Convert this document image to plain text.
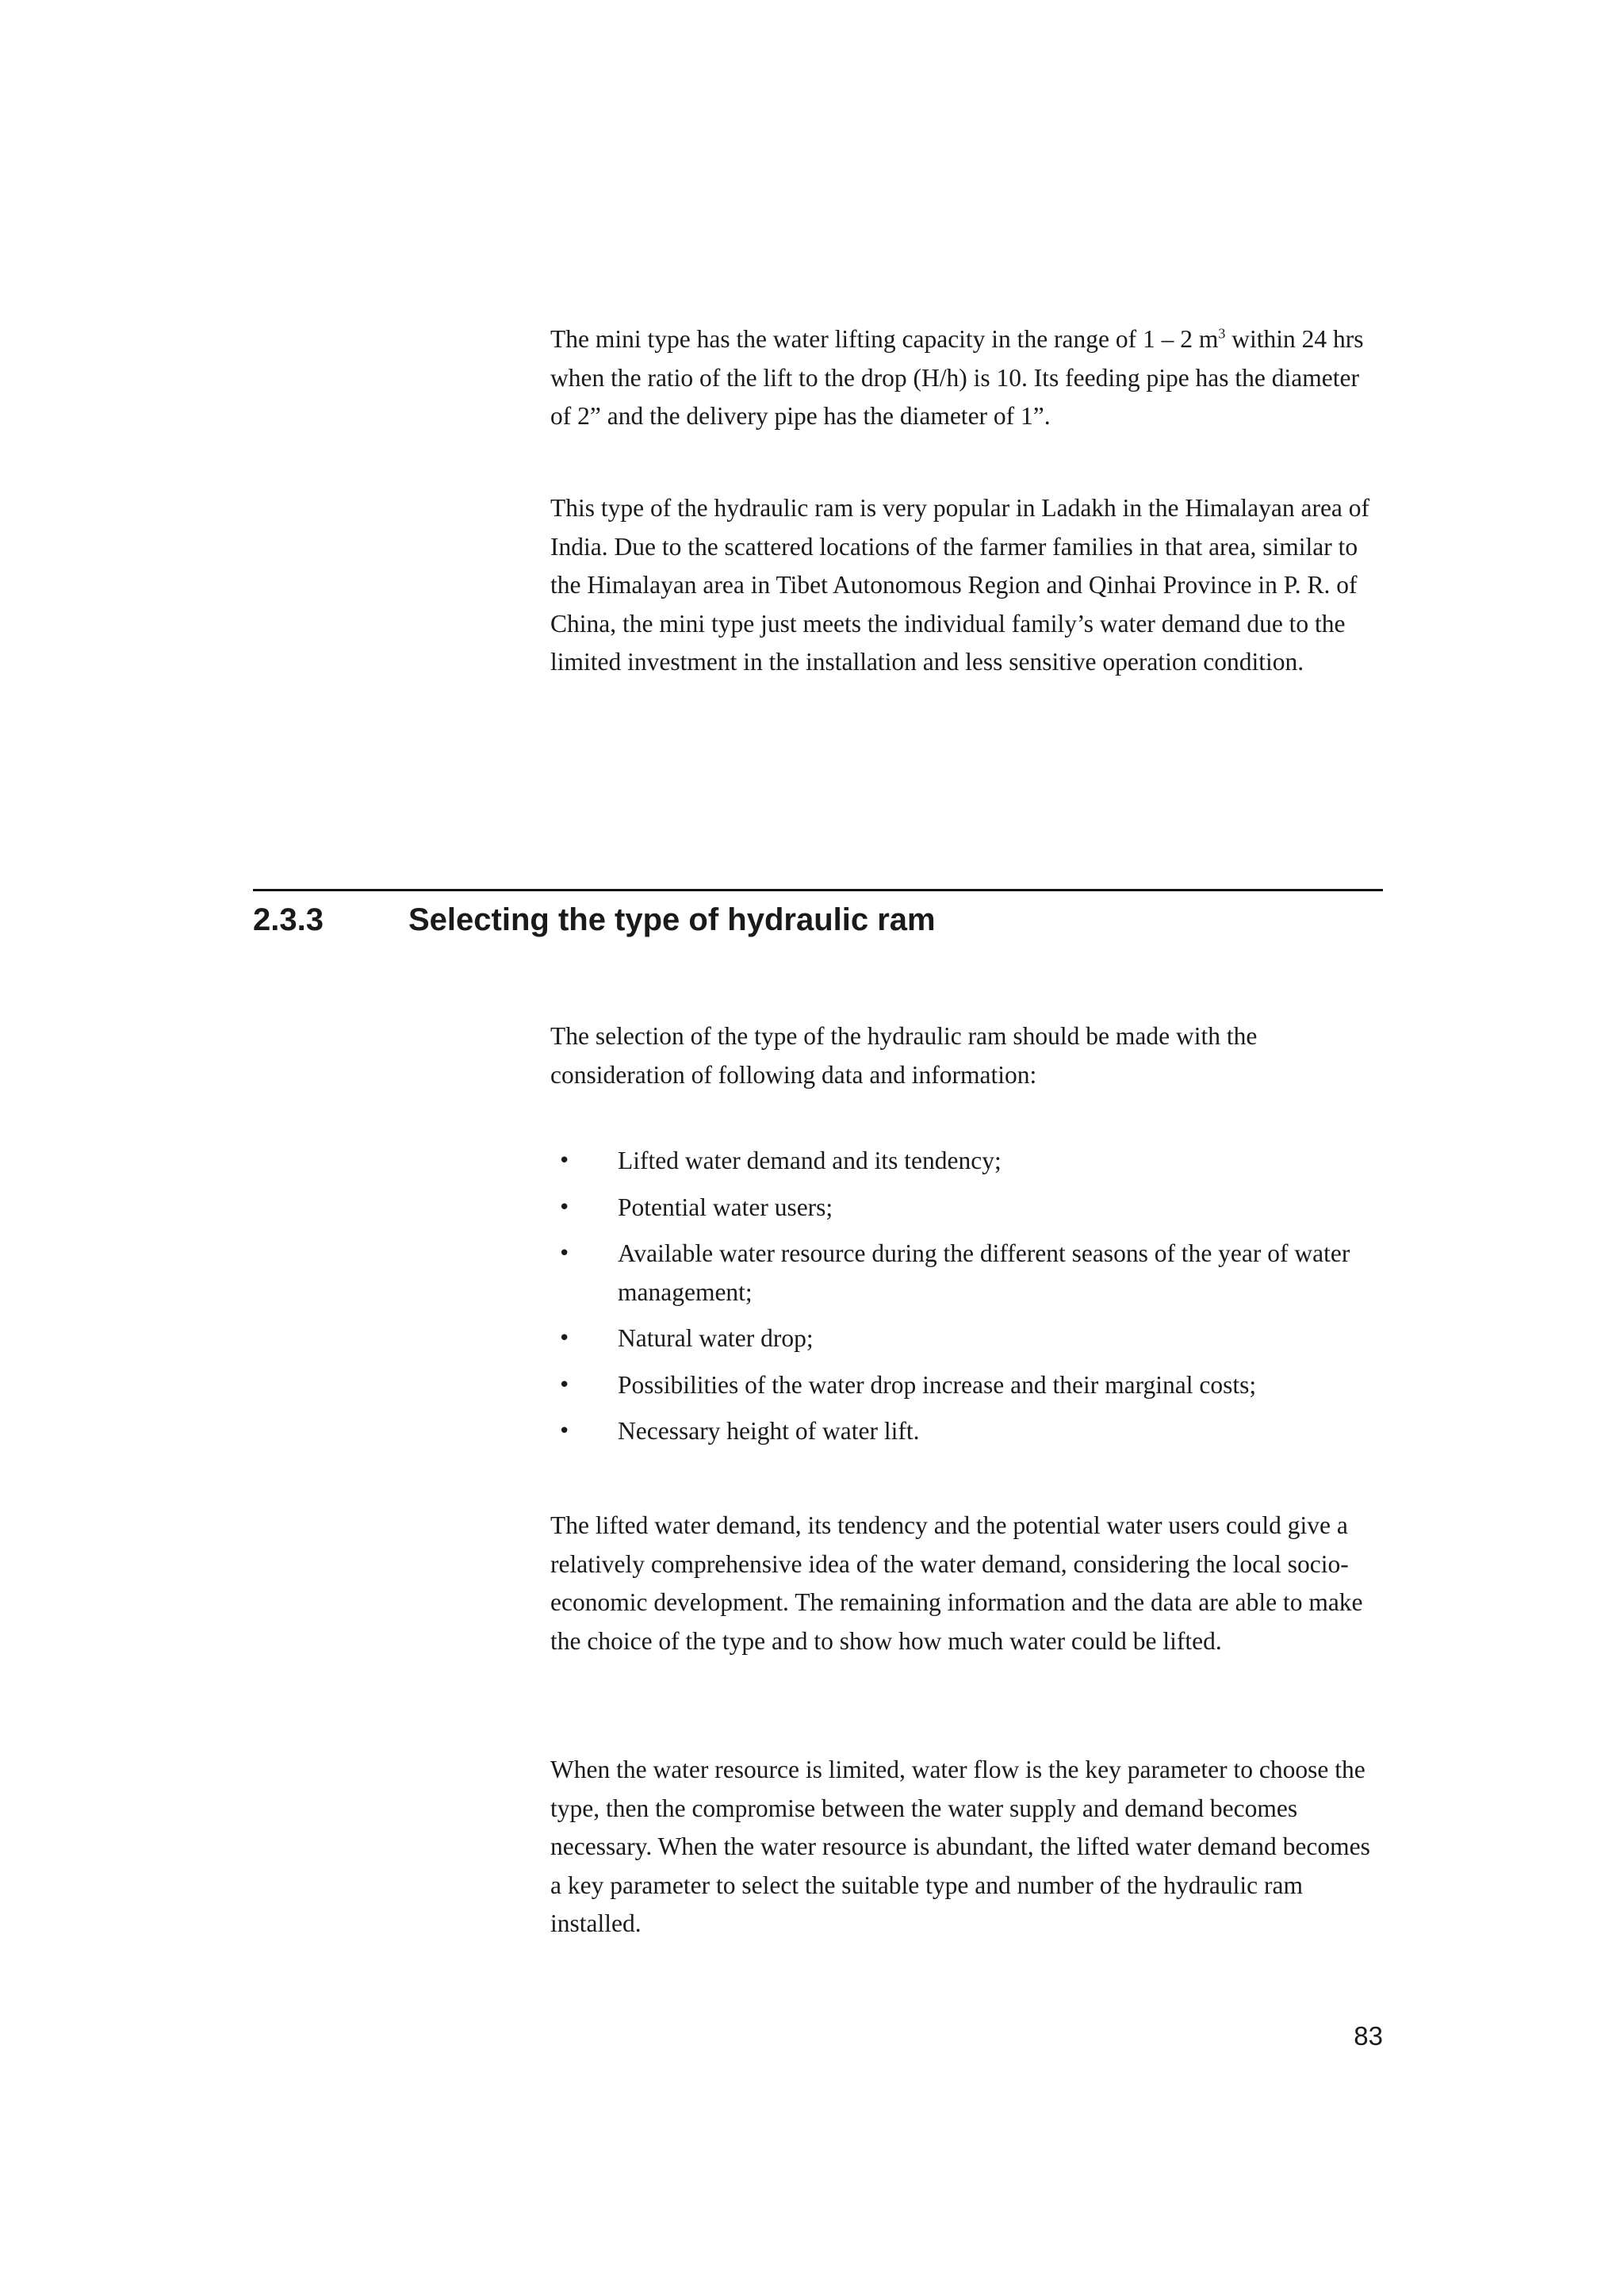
The mini type has the water lifting capacity in the range of 1 – 2 $m^3$ within 24 hrs when the ratio of the lift to the drop (H/h) is 10. Its feeding pipe has the diameter of 2” and the delivery pipe has the diameter of 1”.

This type of the hydraulic ram is very popular in Ladakh in the Himalayan area of India. Due to the scattered locations of the farmer families in that area, similar to the Himalayan area in Tibet Autonomous Region and Qinhai Province in P. R. of China, the mini type just meets the individual family’s water demand due to the limited investment in the installation and less sensitive operation condition.

2.3.3	Selecting the type of hydraulic ram

The selection of the type of the hydraulic ram should be made with the consideration of following data and information:

• Lifted water demand and its tendency;
• Potential water users;
• Available water resource during the different seasons of the year of water management;
• Natural water drop;
• Possibilities of the water drop increase and their marginal costs;
• Necessary height of water lift.

The lifted water demand, its tendency and the potential water users could give a relatively comprehensive idea of the water demand, considering the local socio-economic development. The remaining information and the data are able to make the choice of the type and to show how much water could be lifted.

When the water resource is limited, water flow is the key parameter to choose the type, then the compromise between the water supply and demand becomes necessary. When the water resource is abundant, the lifted water demand becomes a key parameter to select the suitable type and number of the hydraulic ram installed.

83
